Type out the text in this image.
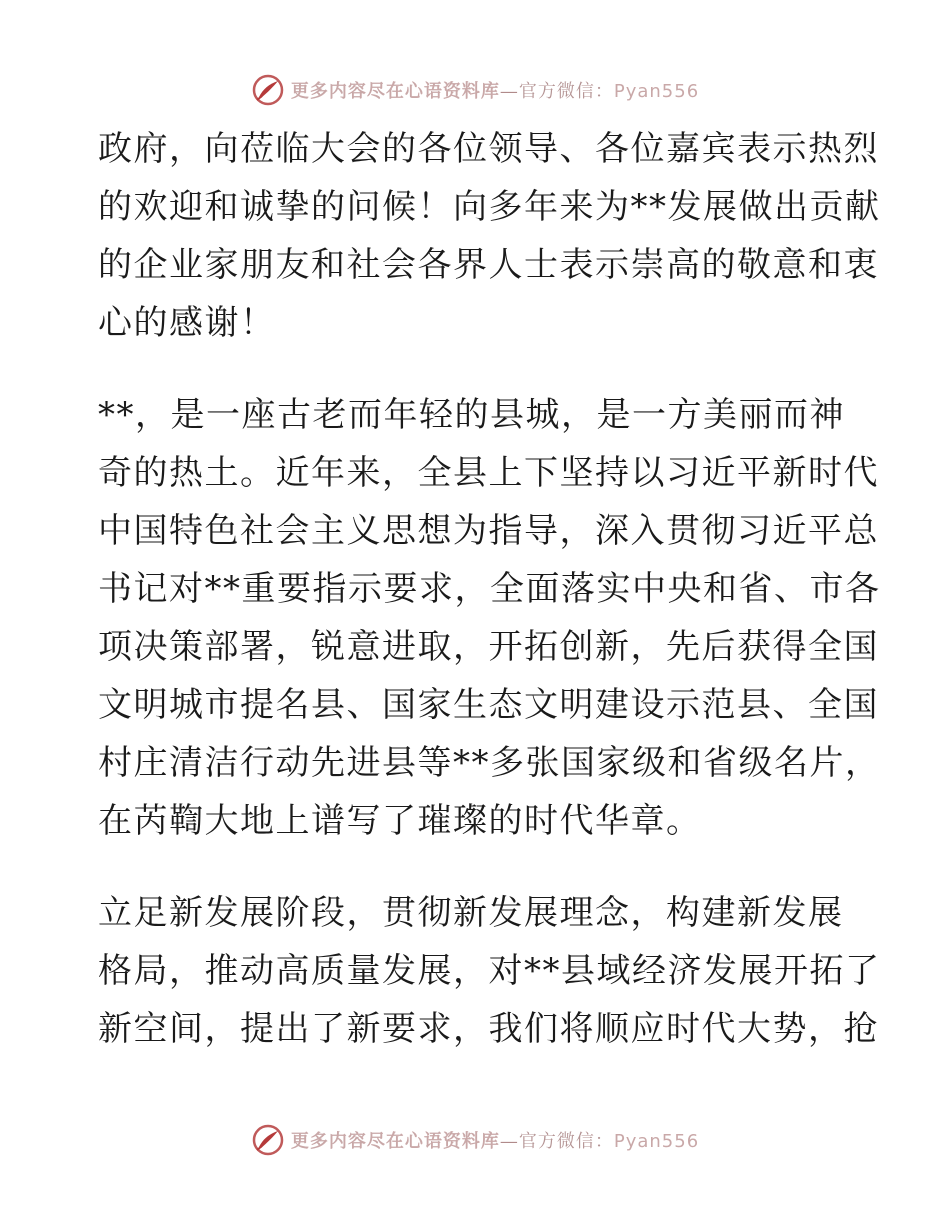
更多内容尽在心语资料库—官方微信：Pyan556

政府，向莅临大会的各位领导、各位嘉宾表示热烈
的欢迎和诚挚的问候！向多年来为**发展做出贡献
的企业家朋友和社会各界人士表示崇高的敬意和衷
心的感谢！

**，是一座古老而年轻的县城，是一方美丽而神
奇的热土。近年来，全县上下坚持以习近平新时代
中国特色社会主义思想为指导，深入贯彻习近平总
书记对**重要指示要求，全面落实中央和省、市各
项决策部署，锐意进取，开拓创新，先后获得全国
文明城市提名县、国家生态文明建设示范县、全国
村庄清洁行动先进县等**多张国家级和省级名片，
在芮鞫大地上谱写了璀璨的时代华章。

立足新发展阶段，贯彻新发展理念，构建新发展
格局，推动高质量发展，对**县域经济发展开拓了
新空间，提出了新要求，我们将顺应时代大势，抢

更多内容尽在心语资料库—官方微信：Pyan556
